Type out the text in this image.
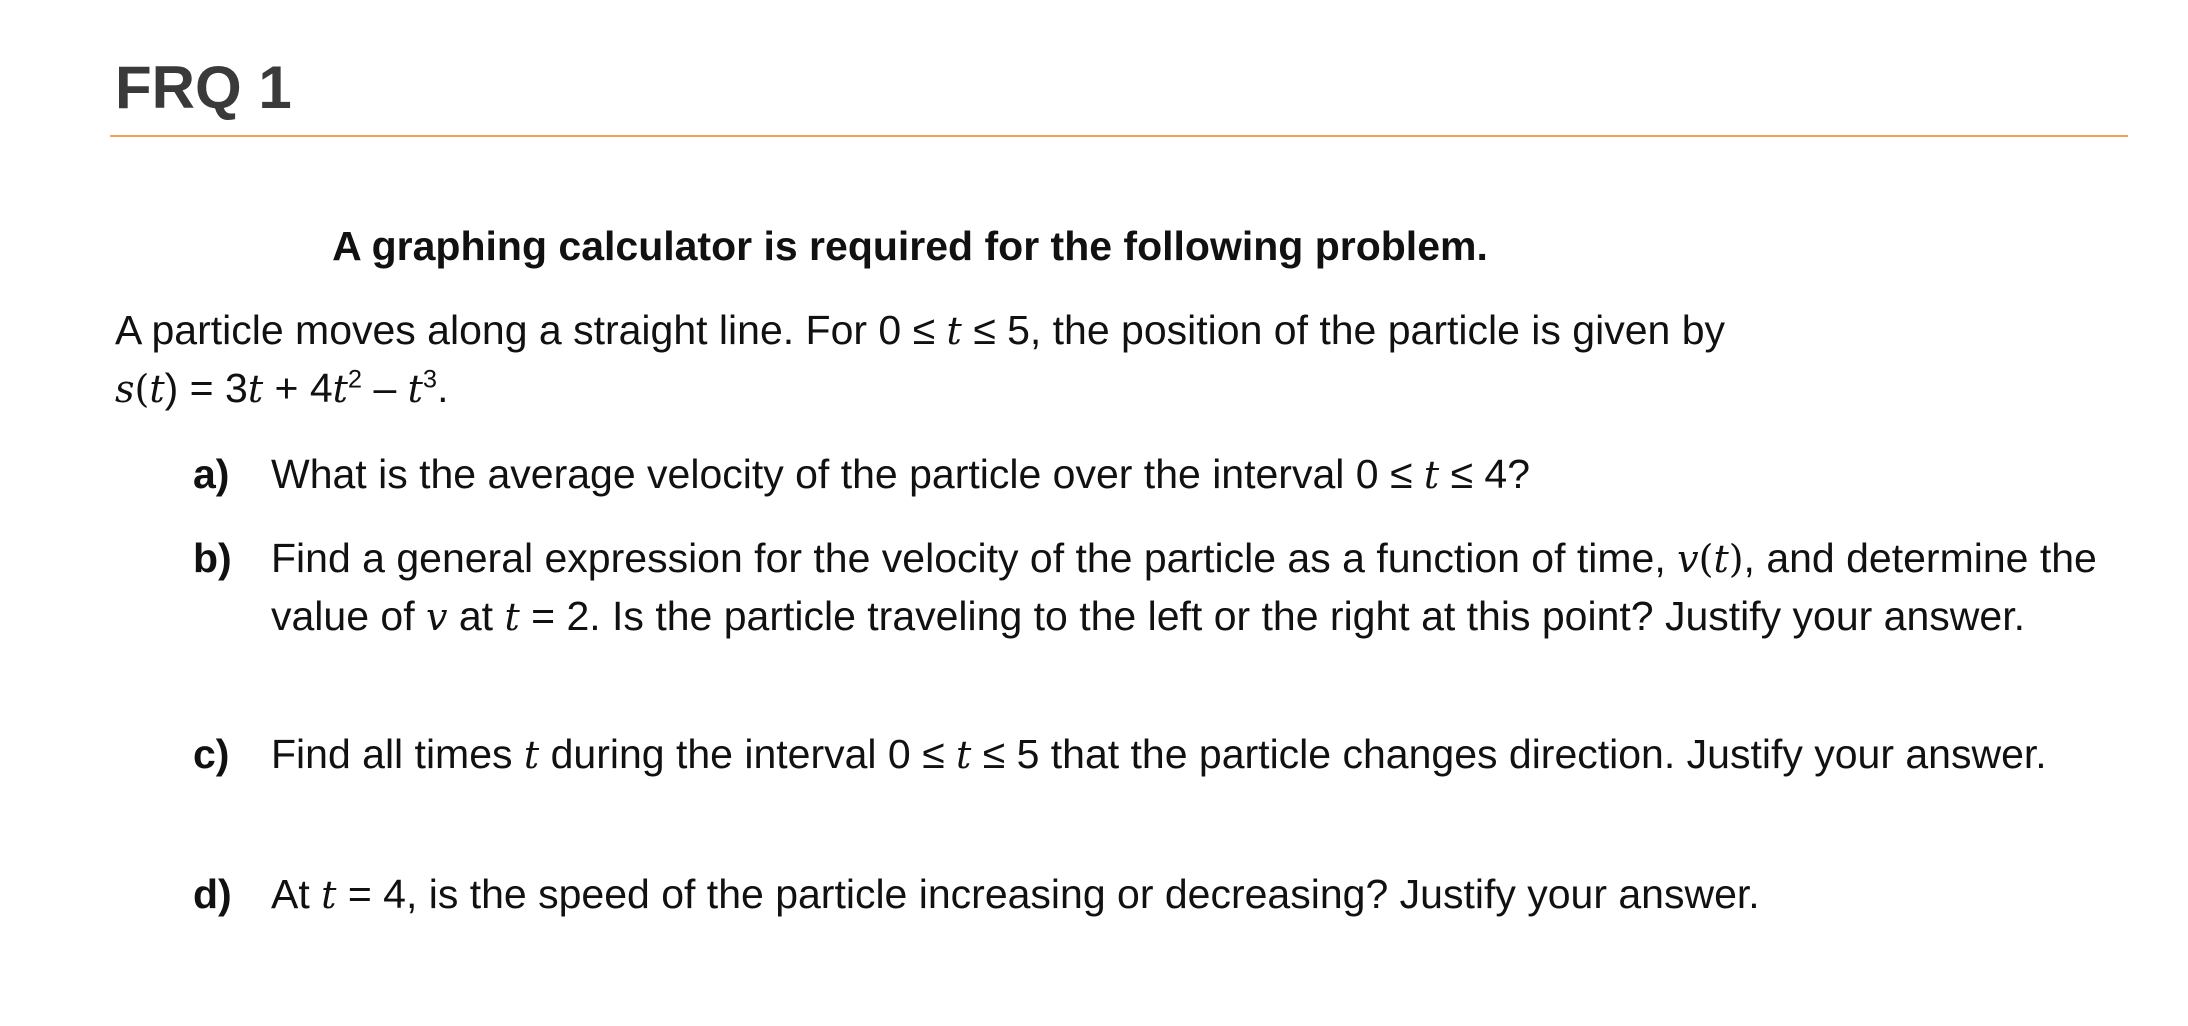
FRQ 1
A graphing calculator is required for the following problem.
A particle moves along a straight line. For 0 ≤ t ≤ 5, the position of the particle is given by
$s(t) = 3t + 4t^2 - t^3$.
a)	What is the average velocity of the particle over the interval 0 ≤ t ≤ 4?
b) Find a general expression for the velocity of the particle as a function of time, v(t), and determine the value of v at t = 2. Is the particle traveling to the left or the right at this point? Justify your answer.
c)	Find all times t during the interval 0 ≤ t ≤ 5 that the particle changes direction. Justify your answer.
d) At t = 4, is the speed of the particle increasing or decreasing? Justify your answer.
